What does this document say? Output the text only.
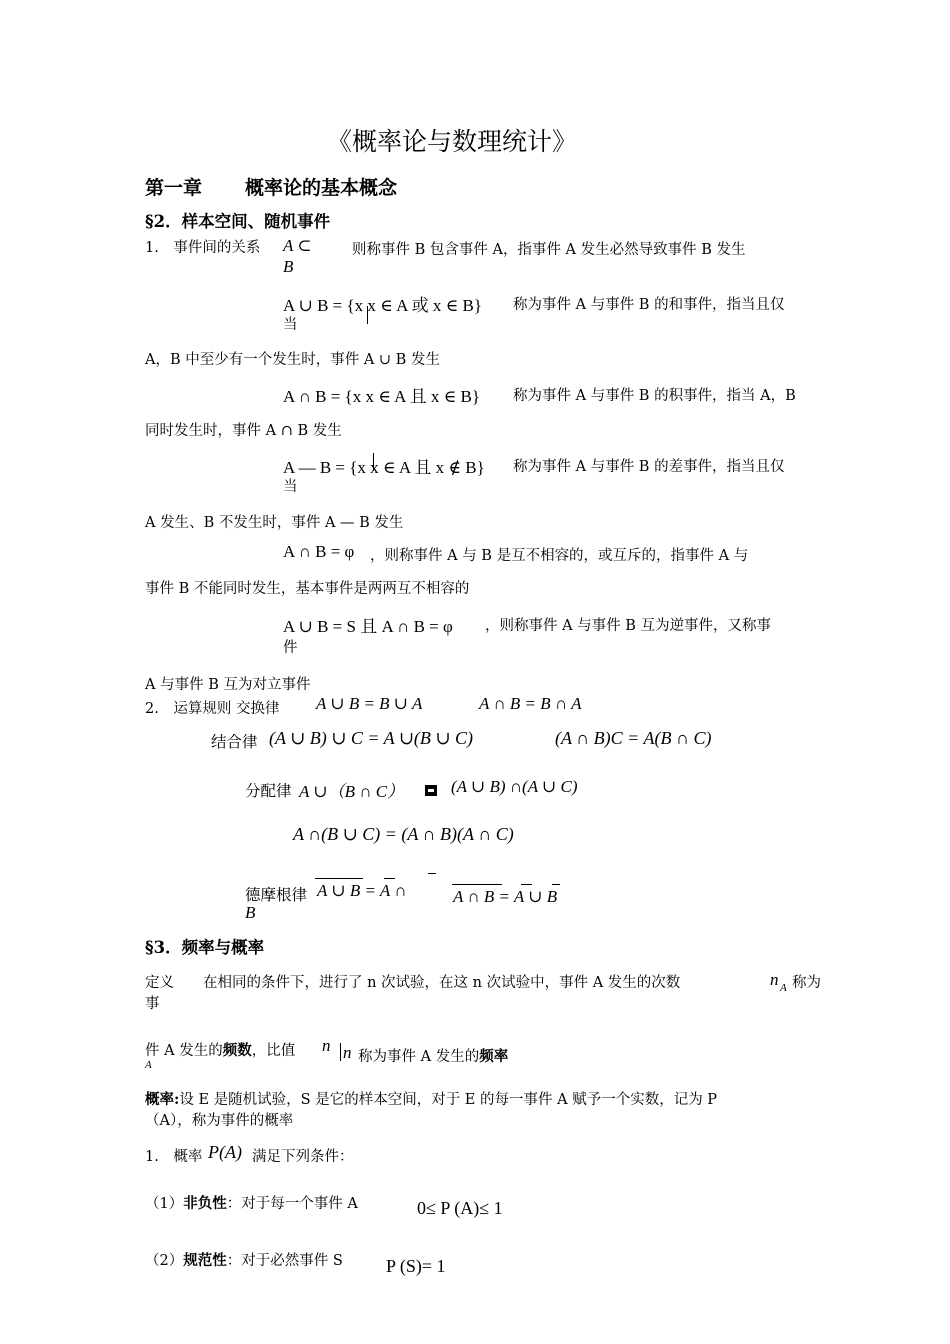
《概率论与数理统计》
第一章 概率论的基本概念
§2．样本空间、随机事件
1.　事件间的关系 A ⊂
B
则称事件 B 包含事件 A，指事件 A 发生必然导致事件 B 发生
A ∪ B = {x x ∈ A 或 x ∈ B} 称为事件 A 与事件 B 的和事件，指当且仅
当
A，B 中至少有一个发生时，事件 A ∪ B 发生
A ∩ B = {x x ∈ A 且 x ∈ B} 称为事件 A 与事件 B 的积事件，指当 A，B
同时发生时，事件 A ∩ B 发生
A — B = {x x ∈ A 且 x ∉ B} 称为事件 A 与事件 B 的差事件，指当且仅
当
A 发生、B 不发生时，事件 A — B 发生
A ∩ B = φ ，则称事件 A 与 B 是互不相容的，或互斥的，指事件 A 与
事件 B 不能同时发生，基本事件是两两互不相容的
A ∪ B = S 且 A ∩ B = φ ，则称事件 A 与事件 B 互为逆事件，又称事
件
A 与事件 B 互为对立事件
2.　运算规则 交换律 A ∪ B = B ∪ A	A ∩ B = B ∩ A
结合律 (A ∪ B) ∪ C = A ∪(B ∪ C)	(A ∩ B)C = A(B ∩ C)
分配律 A ∪（B ∩ C）	(A ∪ B) ∩(A ∪ C)
A ∩(B ∪ C) = (A ∩ B)(A ∩ C)
德摩根律 A ∪ B = A ∩
B
A ∩ B = A ∪ B
§3．频率与概率
定义 在相同的条件下，进行了 n 次试验，在这 n 次试验中，事件 A 发生的次数	n A 称为
事
件 A 发生的频数，比值 n
A
n 称为事件 A 发生的频率
概率:设 E 是随机试验，S 是它的样本空间，对于 E 的每一事件 A 赋予一个实数，记为 P
（A），称为事件的概率
1.　概率 P(A) 满足下列条件：
（1）非负性：对于每一个事件 A	0≤ P (A)≤ 1
（2）规范性：对于必然事件 S P (S)= 1
